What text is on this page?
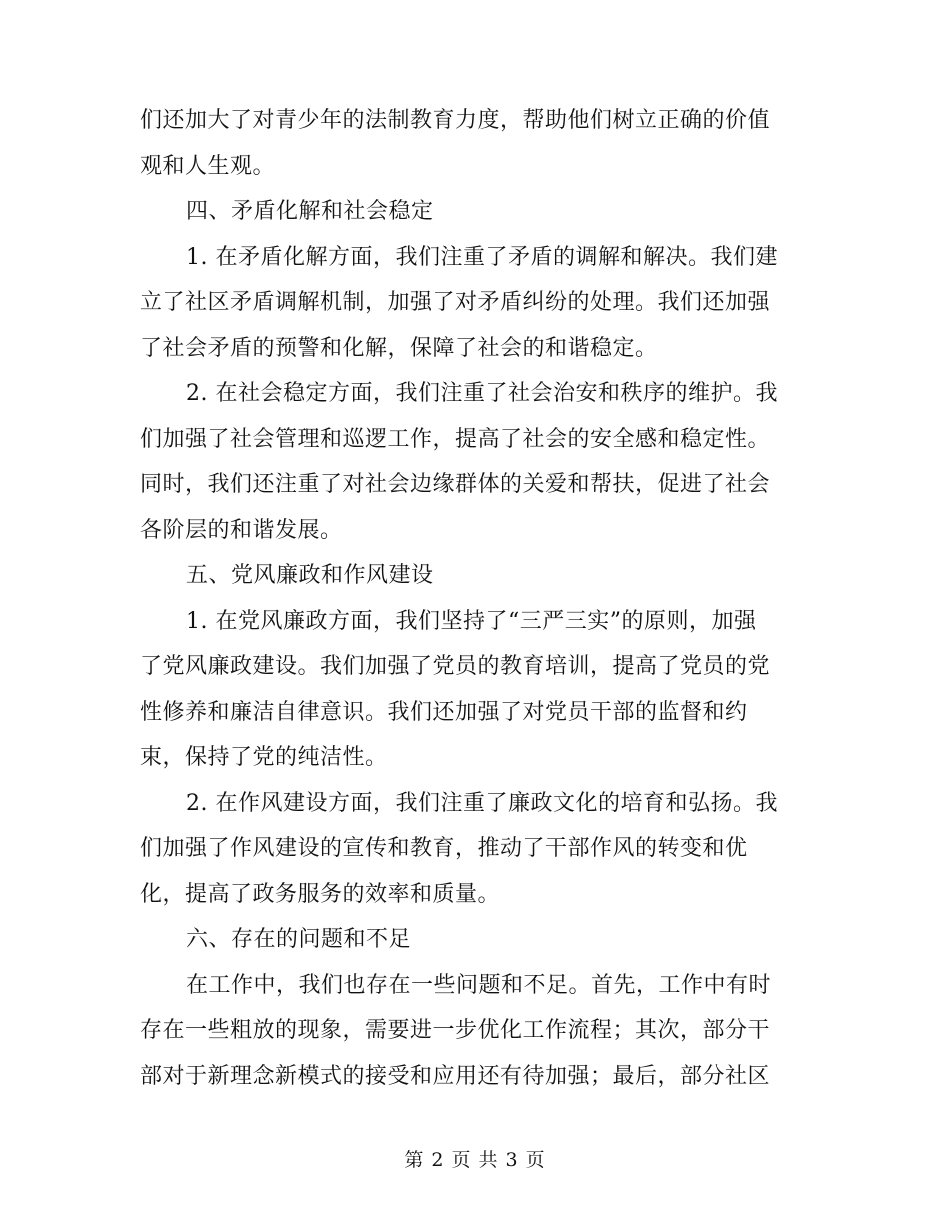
们还加大了对青少年的法制教育力度，帮助他们树立正确的价值
观和人生观。
四、矛盾化解和社会稳定
1. 在矛盾化解方面，我们注重了矛盾的调解和解决。我们建
立了社区矛盾调解机制，加强了对矛盾纠纷的处理。我们还加强
了社会矛盾的预警和化解，保障了社会的和谐稳定。
2. 在社会稳定方面，我们注重了社会治安和秩序的维护。我
们加强了社会管理和巡逻工作，提高了社会的安全感和稳定性。
同时，我们还注重了对社会边缘群体的关爱和帮扶，促进了社会
各阶层的和谐发展。
五、党风廉政和作风建设
1. 在党风廉政方面，我们坚持了“三严三实”的原则，加强
了党风廉政建设。我们加强了党员的教育培训，提高了党员的党
性修养和廉洁自律意识。我们还加强了对党员干部的监督和约
束，保持了党的纯洁性。
2. 在作风建设方面，我们注重了廉政文化的培育和弘扬。我
们加强了作风建设的宣传和教育，推动了干部作风的转变和优
化，提高了政务服务的效率和质量。
六、存在的问题和不足
在工作中，我们也存在一些问题和不足。首先，工作中有时
存在一些粗放的现象，需要进一步优化工作流程；其次，部分干
部对于新理念新模式的接受和应用还有待加强；最后，部分社区
第 2 页 共 3 页
